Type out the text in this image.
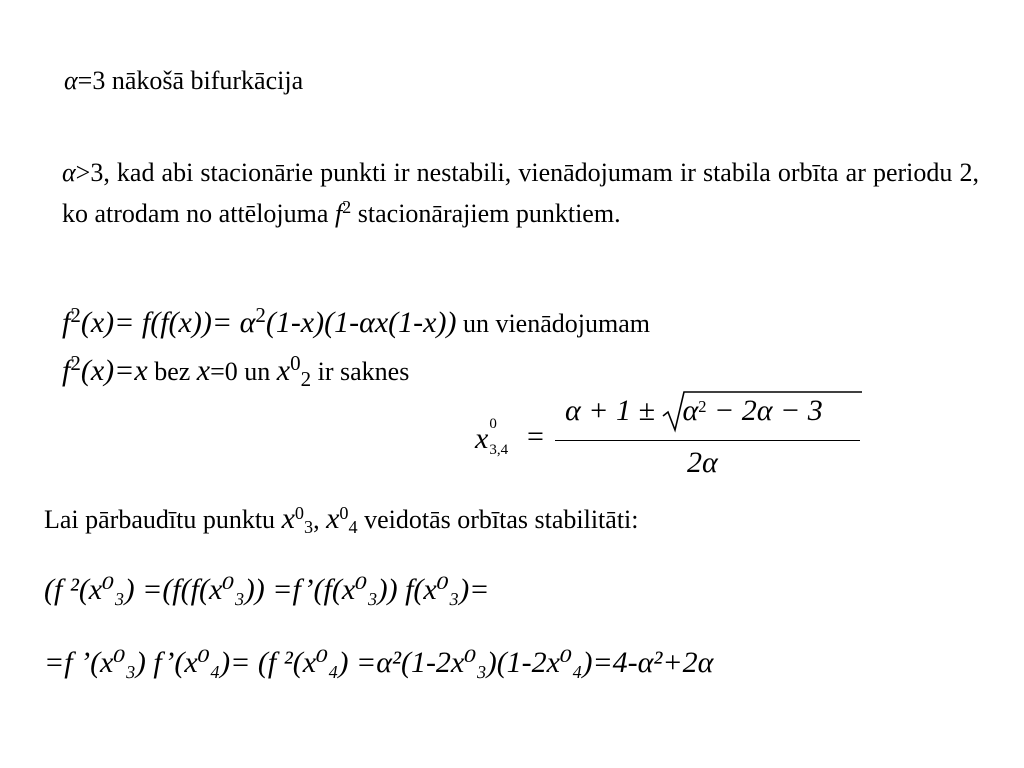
α=3 nākošā bifurkācija
α>3, kad abi stacionārie punkti ir nestabili, vienādojumam ir stabila orbīta ar periodu 2, ko atrodam no attēlojuma $f^2$ stacionārajiem punktiem.
$f^2(x)= f(f(x))= \alpha^2(1-x)(1-\alpha x(1-x))$ un vienādojumam
$f^2(x)=x$ bez x=0 un $x^0_2$ ir saknes
x 0
3,4 =
α + 1 ±
$\alpha^2 - 2\alpha - 3$
2α
Lai pārbaudītu punktu $x^0_3$, $x^0_4$ veidotās orbītas stabilitāti:
(f ²(x⁰₃) =(f(f(x⁰₃)) =f’(f(x⁰₃)) f(x⁰₃)=
=f ’(x⁰₃) f’(x⁰₄)= (f ²(x⁰₄) =α²(1-2x⁰₃)(1-2x⁰₄)=4-α²+2α
